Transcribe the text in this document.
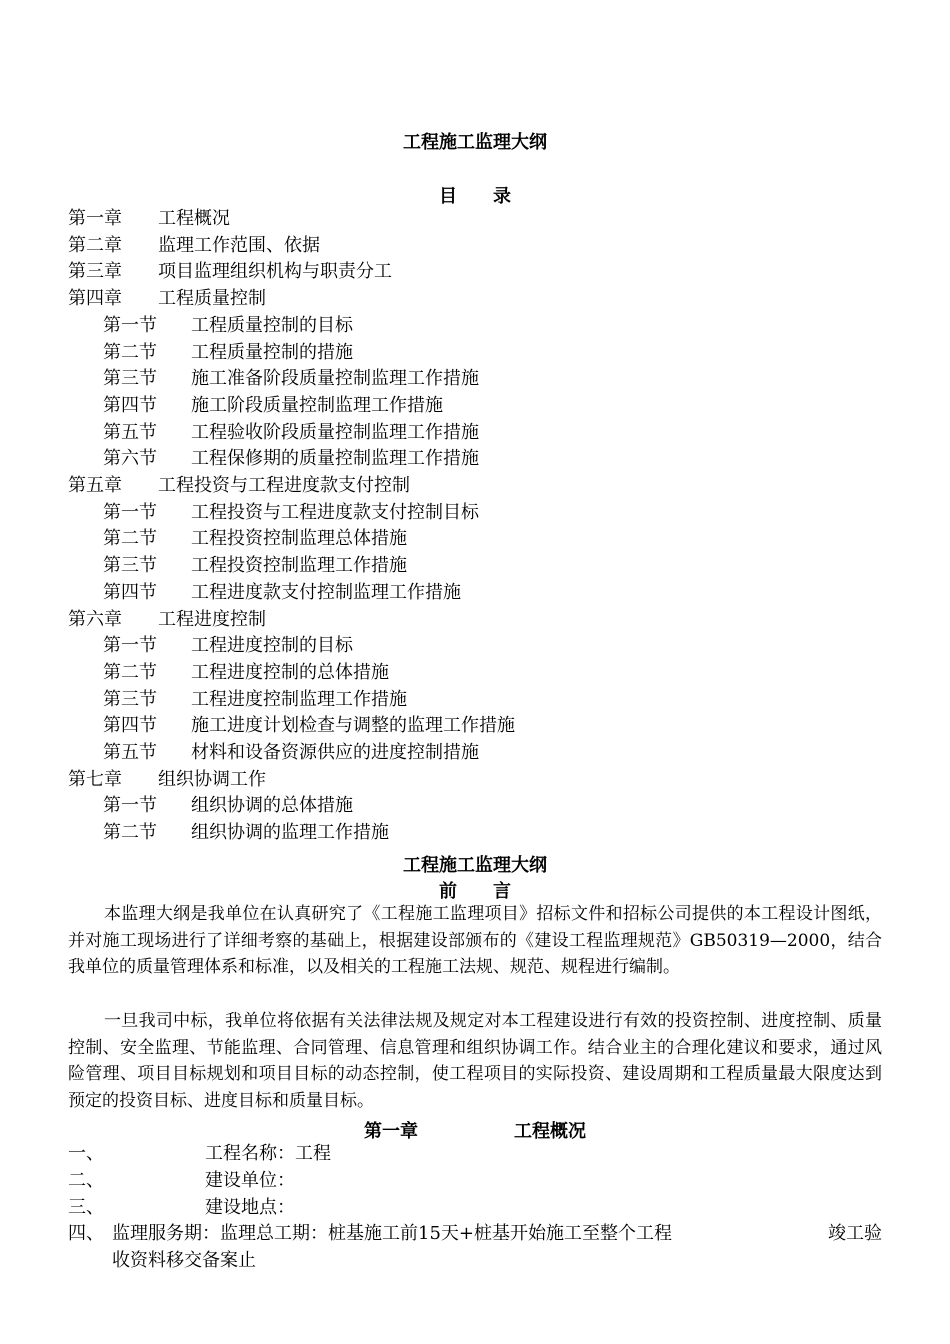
工程施工监理大纲
目　　录
第一章 工程概况
第二章 监理工作范围、依据
第三章 项目监理组织机构与职责分工
第四章 工程质量控制
第一节 工程质量控制的目标
第二节 工程质量控制的措施
第三节 施工准备阶段质量控制监理工作措施
第四节 施工阶段质量控制监理工作措施
第五节 工程验收阶段质量控制监理工作措施
第六节 工程保修期的质量控制监理工作措施
第五章 工程投资与工程进度款支付控制
第一节 工程投资与工程进度款支付控制目标
第二节 工程投资控制监理总体措施
第三节 工程投资控制监理工作措施
第四节 工程进度款支付控制监理工作措施
第六章 工程进度控制
第一节 工程进度控制的目标
第二节 工程进度控制的总体措施
第三节 工程进度控制监理工作措施
第四节 施工进度计划检查与调整的监理工作措施
第五节 材料和设备资源供应的进度控制措施
第七章 组织协调工作
第一节 组织协调的总体措施
第二节 组织协调的监理工作措施
工程施工监理大纲
前　　言
本监理大纲是我单位在认真研究了《工程施工监理项目》招标文件和招标公司提供的本工程设计图纸，并对施工现场进行了详细考察的基础上，根据建设部颁布的《建设工程监理规范》GB50319—2000，结合我单位的质量管理体系和标准，以及相关的工程施工法规、规范、规程进行编制。
一旦我司中标，我单位将依据有关法律法规及规定对本工程建设进行有效的投资控制、进度控制、质量控制、安全监理、节能监理、合同管理、信息管理和组织协调工作。结合业主的合理化建议和要求，通过风险管理、项目目标规划和项目目标的动态控制，使工程项目的实际投资、建设周期和工程质量最大限度达到预定的投资目标、进度目标和质量目标。
第一章	工程概况
一、	工程名称：工程
二、	建设单位：
三、	建设地点：
四、 监理服务期：监理总工期：桩基施工前15天+桩基开始施工至整个工程	竣工验
收资料移交备案止
